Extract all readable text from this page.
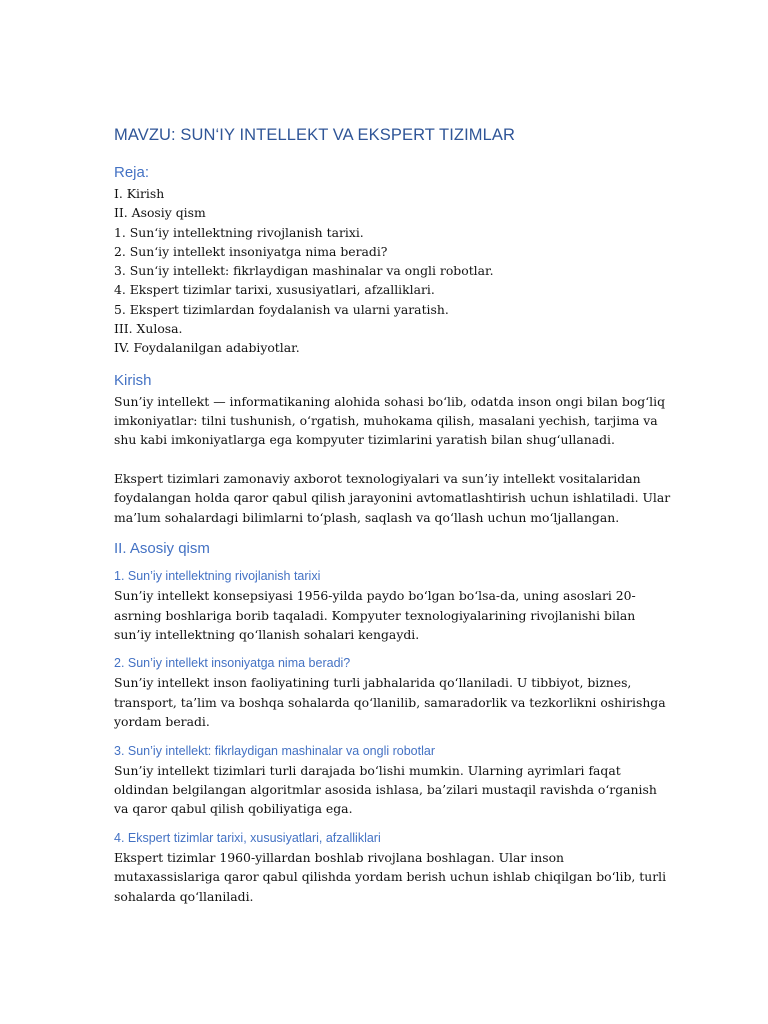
MAVZU: SUN‘IY INTELLEKT VA EKSPERT TIZIMLAR
Reja:
I. Kirish
II. Asosiy qism
1. Sun‘iy intellektning rivojlanish tarixi.
2. Sun‘iy intellekt insoniyatga nima beradi?
3. Sun‘iy intellekt: fikrlaydigan mashinalar va ongli robotlar.
4. Ekspert tizimlar tarixi, xususiyatlari, afzalliklari.
5. Ekspert tizimlardan foydalanish va ularni yaratish.
III. Xulosa.
IV. Foydalanilgan adabiyotlar.
Kirish

Sun’iy intellekt — informatikaning alohida sohasi bo‘lib, odatda inson ongi bilan bog‘liq imkoniyatlar: tilni tushunish, o‘rgatish, muhokama qilish, masalani yechish, tarjima va shu kabi imkoniyatlarga ega kompyuter tizimlarini yaratish bilan shug‘ullanadi.

Ekspert tizimlari zamonaviy axborot texnologiyalari va sun’iy intellekt vositalaridan foydalangan holda qaror qabul qilish jarayonini avtomatlashtirish uchun ishlatiladi. Ular ma’lum sohalardagi bilimlarni to‘plash, saqlash va qo‘llash uchun mo‘ljallangan.

II. Asosiy qism
1. Sun’iy intellektning rivojlanish tarixi

Sun’iy intellekt konsepsiyasi 1956-yilda paydo bo‘lgan bo‘lsa-da, uning asoslari 20-asrning boshlariga borib taqaladi. Kompyuter texnologiyalarining rivojlanishi bilan sun’iy intellektning qo‘llanish sohalari kengaydi.

2. Sun’iy intellekt insoniyatga nima beradi?

Sun’iy intellekt inson faoliyatining turli jabhalarida qo‘llaniladi. U tibbiyot, biznes, transport, ta’lim va boshqa sohalarda qo‘llanilib, samaradorlik va tezkorlikni oshirishga yordam beradi.

3. Sun’iy intellekt: fikrlaydigan mashinalar va ongli robotlar

Sun’iy intellekt tizimlari turli darajada bo‘lishi mumkin. Ularning ayrimlari faqat oldindan belgilangan algoritmlar asosida ishlasa, ba’zilari mustaqil ravishda o‘rganish va qaror qabul qilish qobiliyatiga ega.

4. Ekspert tizimlar tarixi, xususiyatlari, afzalliklari

Ekspert tizimlar 1960-yillardan boshlab rivojlana boshlagan. Ular inson mutaxassislariga qaror qabul qilishda yordam berish uchun ishlab chiqilgan bo‘lib, turli sohalarda qo‘llaniladi.
